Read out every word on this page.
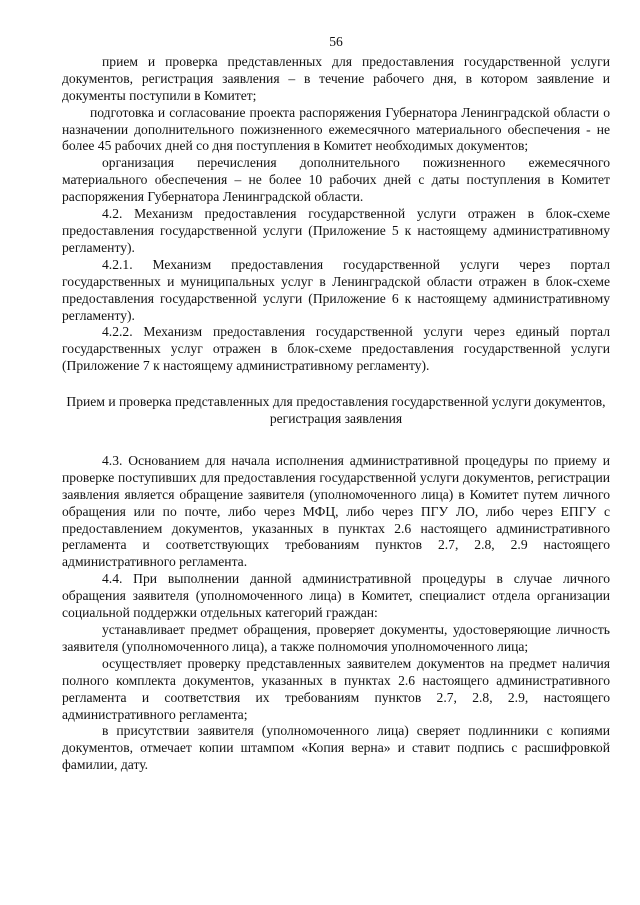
56

прием и проверка представленных для предоставления государственной услуги документов, регистрация заявления – в течение рабочего дня, в котором заявление и документы поступили в Комитет;

подготовка и согласование проекта распоряжения Губернатора Ленинградской области о назначении дополнительного пожизненного ежемесячного материального обеспечения - не более 45 рабочих дней со дня поступления в Комитет необходимых документов;

организация перечисления дополнительного пожизненного ежемесячного материального обеспечения – не более 10 рабочих дней с даты поступления в Комитет распоряжения Губернатора Ленинградской области.

4.2. Механизм предоставления государственной услуги отражен в блок-схеме предоставления государственной услуги (Приложение 5 к настоящему административному регламенту).

4.2.1. Механизм предоставления государственной услуги через портал государственных и муниципальных услуг в Ленинградской области отражен в блок-схеме предоставления государственной услуги (Приложение 6 к настоящему административному регламенту).

4.2.2. Механизм предоставления государственной услуги через единый портал государственных услуг отражен в блок-схеме предоставления государственной услуги (Приложение 7 к настоящему административному регламенту).

Прием и проверка представленных для предоставления государственной услуги документов, регистрация заявления

4.3. Основанием для начала исполнения административной процедуры по приему и проверке поступивших для предоставления государственной услуги документов, регистрации заявления является обращение заявителя (уполномоченного лица) в Комитет путем личного обращения или по почте, либо через МФЦ, либо через ПГУ ЛО, либо через ЕПГУ с предоставлением документов, указанных в пунктах 2.6 настоящего административного регламента и соответствующих требованиям пунктов 2.7, 2.8, 2.9 настоящего административного регламента.

4.4. При выполнении данной административной процедуры в случае личного обращения заявителя (уполномоченного лица) в Комитет, специалист отдела организации социальной поддержки отдельных категорий граждан:

устанавливает предмет обращения, проверяет документы, удостоверяющие личность заявителя (уполномоченного лица), а также полномочия уполномоченного лица;

осуществляет проверку представленных заявителем документов на предмет наличия полного комплекта документов, указанных в пунктах 2.6 настоящего административного регламента и соответствия их требованиям пунктов 2.7, 2.8, 2.9, настоящего административного регламента;

в присутствии заявителя (уполномоченного лица) сверяет подлинники с копиями документов, отмечает копии штампом «Копия верна» и ставит подпись с расшифровкой фамилии, дату.
